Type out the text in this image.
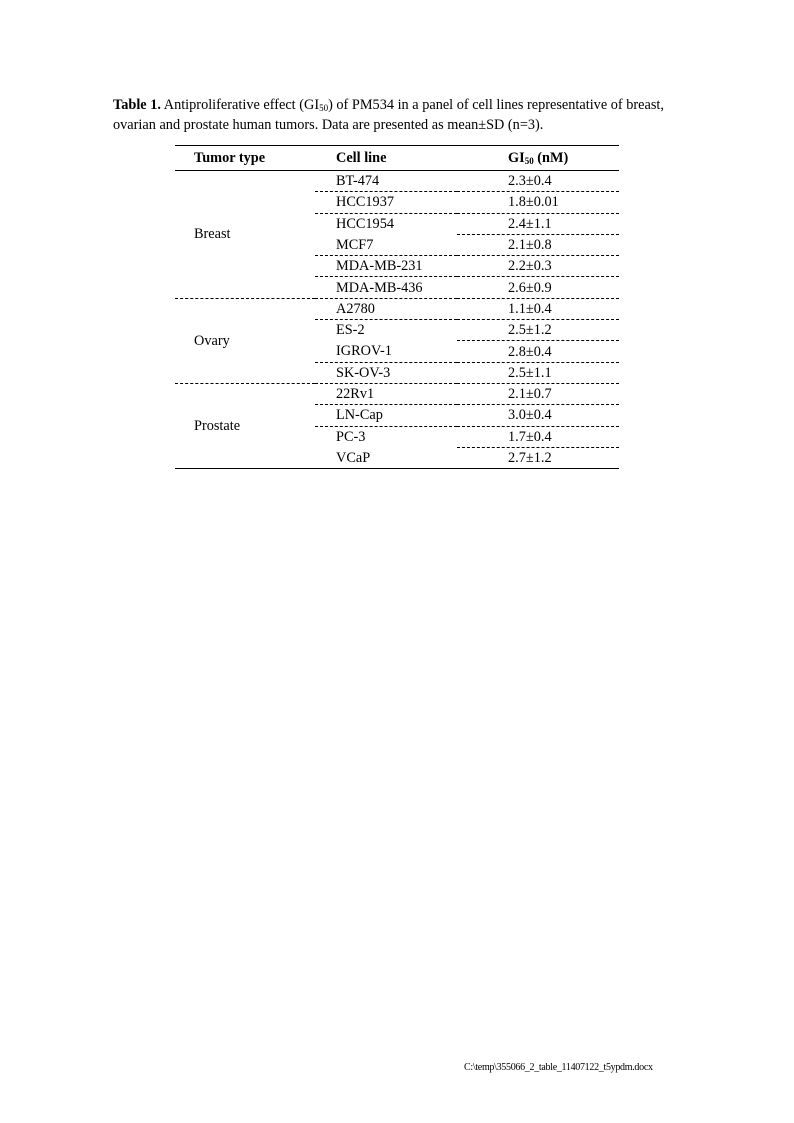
Table 1. Antiproliferative effect $(GI_{50})$ of PM534 in a panel of cell lines representative of breast, ovarian and prostate human tumors. Data are presented as mean±SD (n=3).
Tumor type	Cell line	$GI_{50}$ (nM)
Breast	BT-474	2.3±0.4
	HCC1937	1.8±0.01
	HCC1954	2.4±1.1
	MCF7	2.1±0.8
	MDA-MB-231	2.2±0.3
	MDA-MB-436	2.6±0.9
Ovary	A2780	1.1±0.4
	ES-2	2.5±1.2
	IGROV-1	2.8±0.4
	SK-OV-3	2.5±1.1
Prostate	22Rv1	2.1±0.7
	LN-Cap	3.0±0.4
	PC-3	1.7±0.4
	VCaP	2.7±1.2
C:\temp\355066_2_table_11407122_t5ypdm.docx
